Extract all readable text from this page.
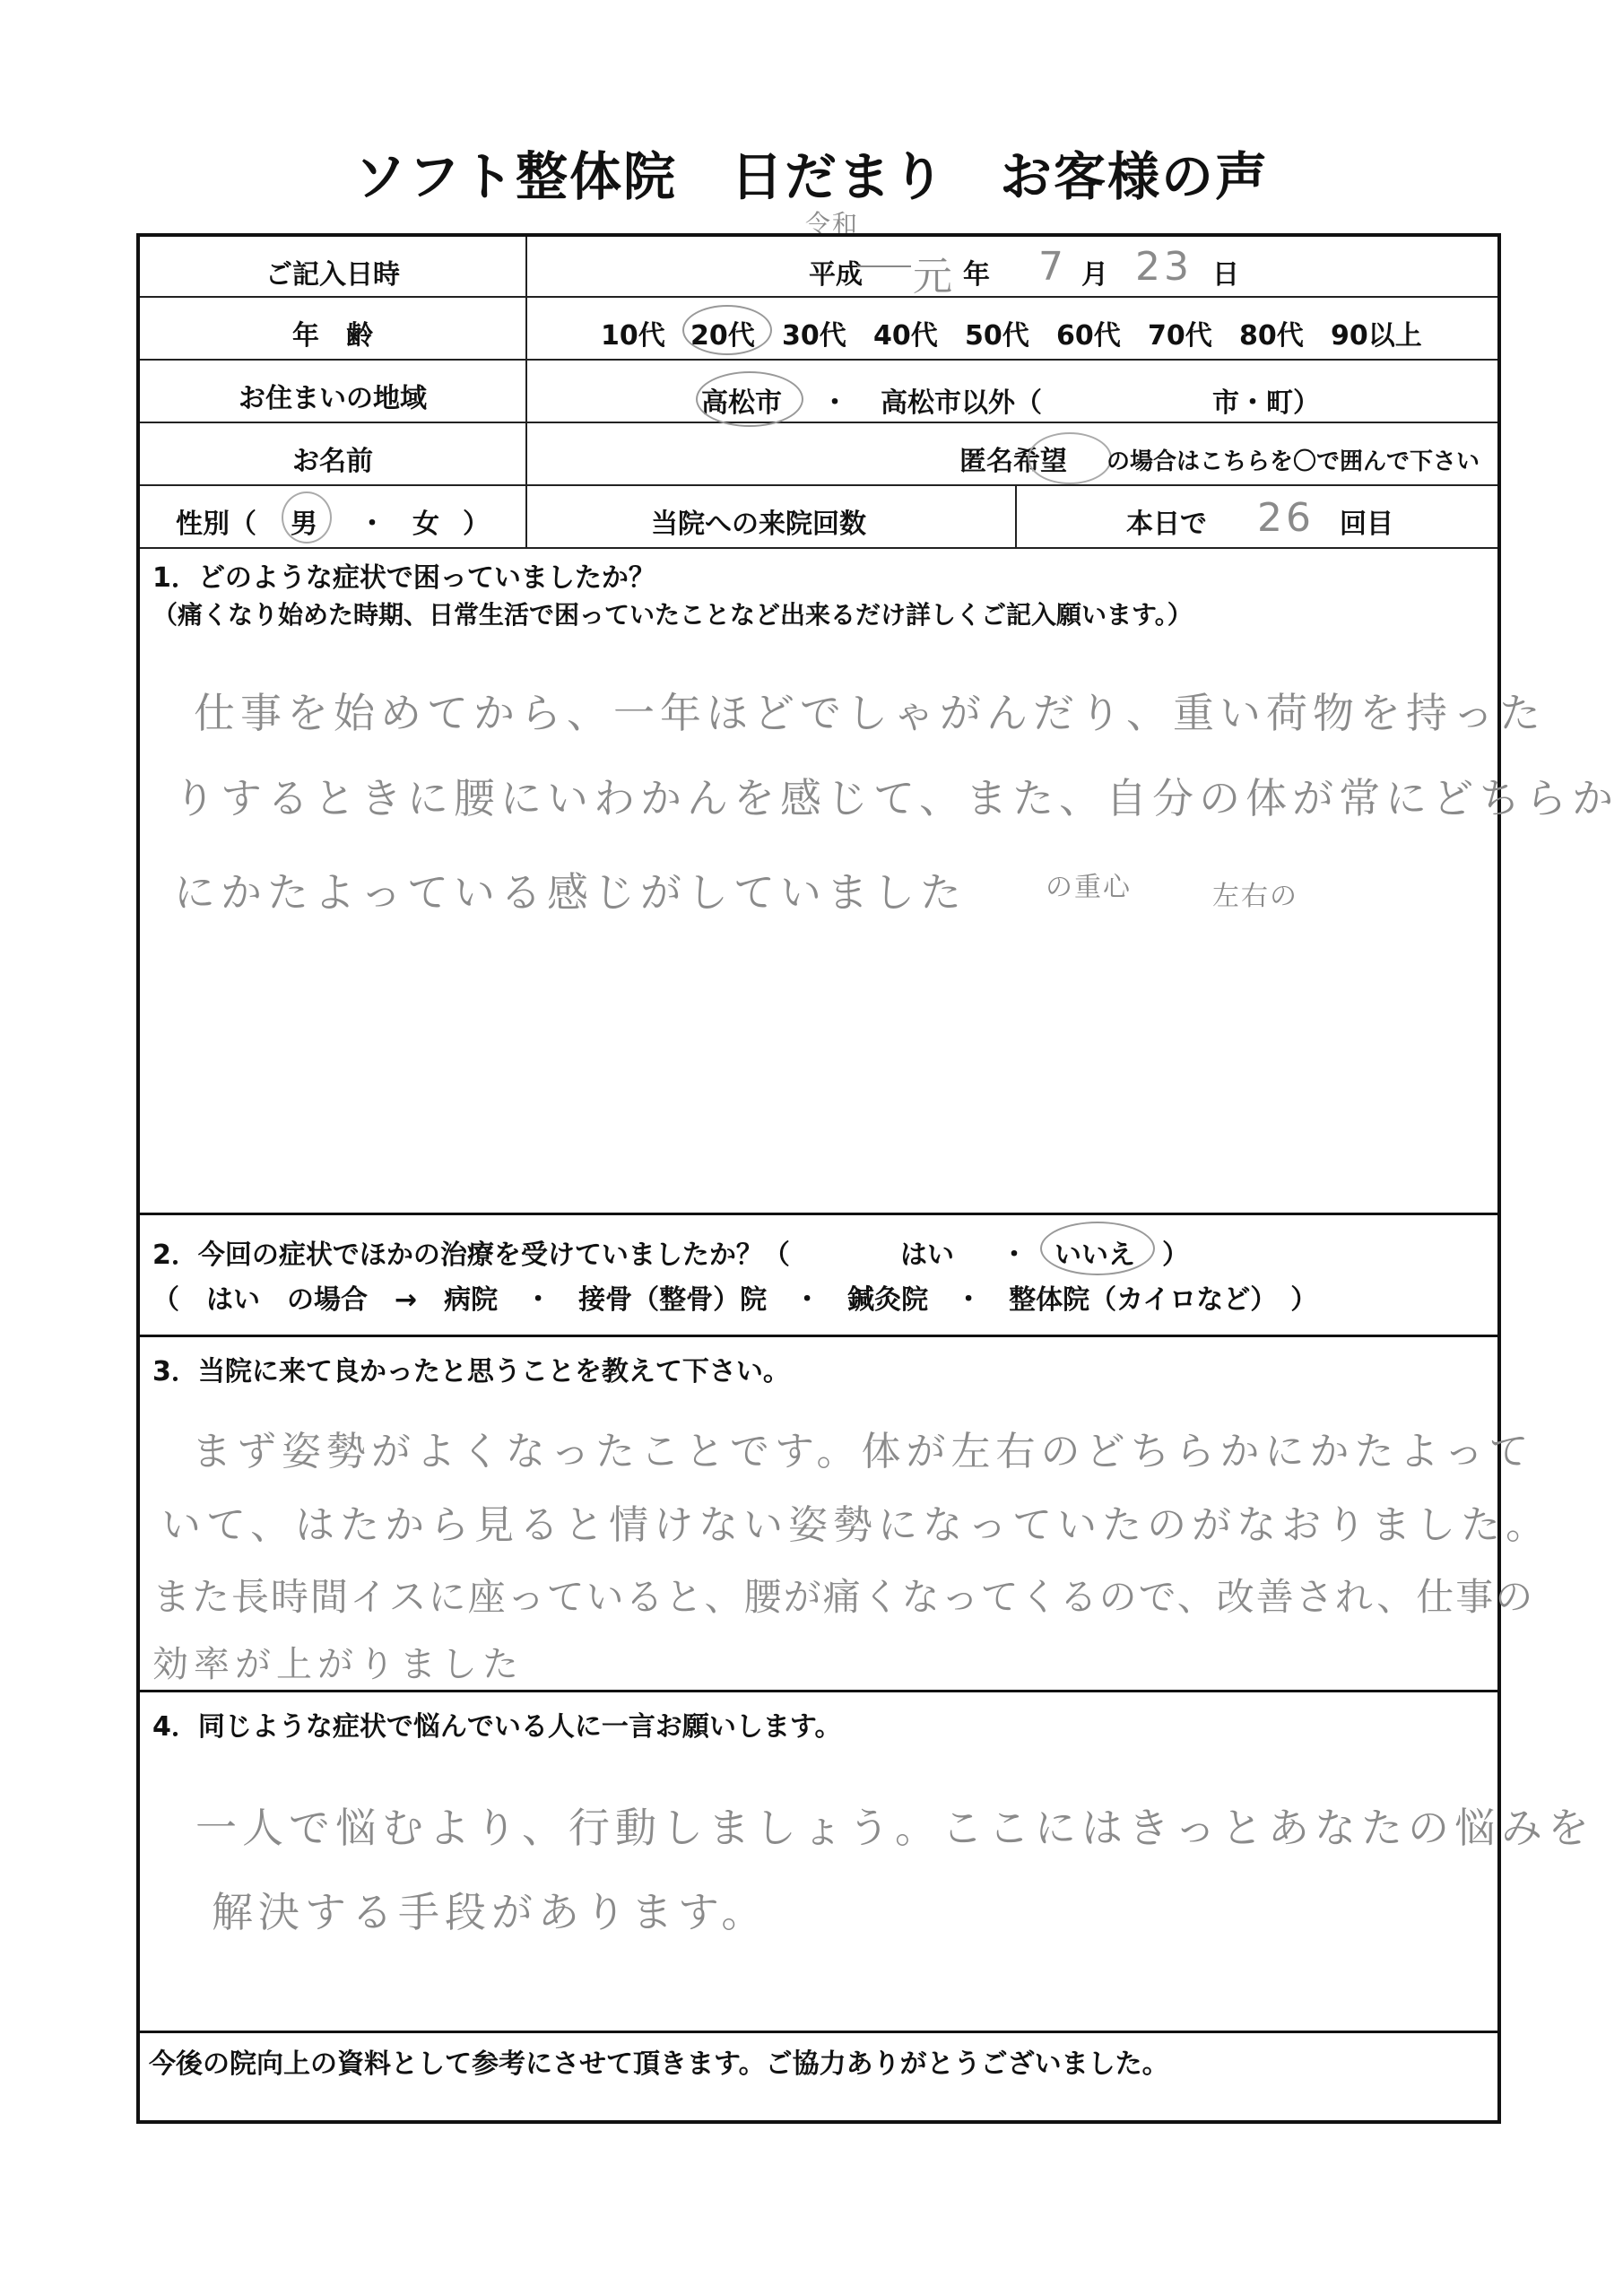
ソフト整体院　日だまり　お客様の声
令和
ご記入日時	平成 元 年 7 月 23 日
年　齢	10代 20代 30代 40代 50代 60代 70代 80代 90以上
お住まいの地域	高松市 ・ 高松市以外（	市・町）
お名前	匿名希望 の場合はこちらを〇で囲んで下さい
性別（ 男 ・ 女 ）	当院への来院回数	本日で 26 回目
1．どのような症状で困っていましたか？
（痛くなり始めた時期、日常生活で困っていたことなど出来るだけ詳しくご記入願います。）
仕事を始めてから、一年ほどでしゃがんだり、重い荷物を持った
りするときに腰にいわかんを感じて、また、自分の体が常にどちらか
にかたよっている感じがしていました	の重心	左右の
2．今回の症状でほかの治療を受けていましたか？（	はい ・ いいえ ）
（　はい　の場合　→　病院　・　接骨（整骨）院　・　鍼灸院　・　整体院（カイロなど）　）
3．当院に来て良かったと思うことを教えて下さい。
まず姿勢がよくなったことです。体が左右のどちらかにかたよって
いて、はたから見ると情けない姿勢になっていたのがなおりました。
また長時間イスに座っていると、腰が痛くなってくるので、改善され、仕事の
効率が上がりました
4．同じような症状で悩んでいる人に一言お願いします。
一人で悩むより、行動しましょう。ここにはきっとあなたの悩みを
解決する手段があります。
今後の院向上の資料として参考にさせて頂きます。ご協力ありがとうございました。
